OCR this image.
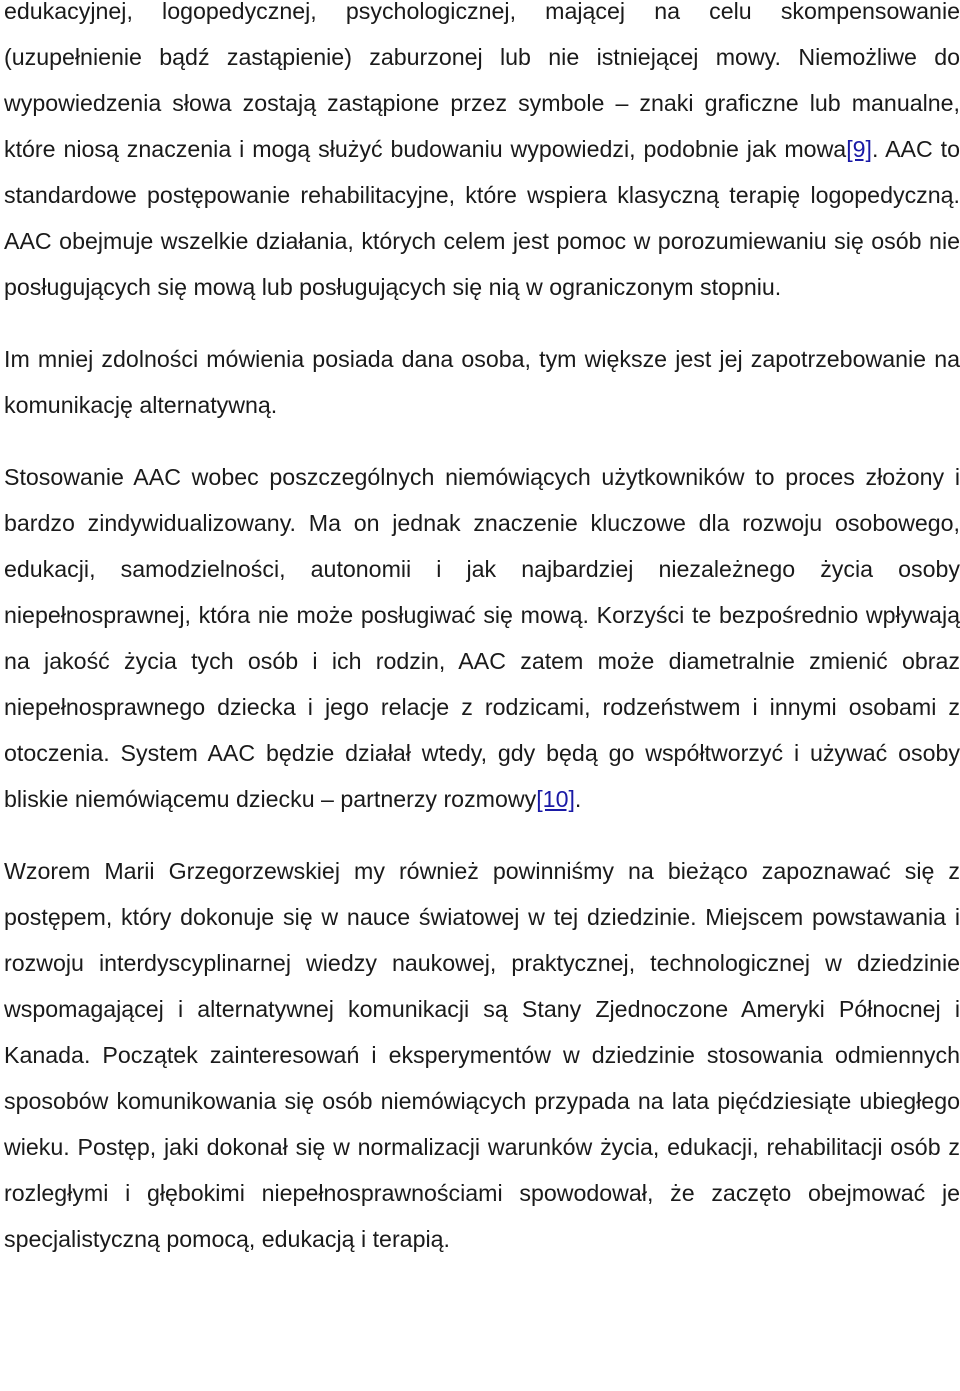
edukacyjnej, logopedycznej, psychologicznej, mającej na celu skompensowanie (uzupełnienie bądź zastąpienie) zaburzonej lub nie istniejącej mowy. Niemożliwe do wypowiedzenia słowa zostają zastąpione przez symbole – znaki graficzne lub manualne, które niosą znaczenia i mogą służyć budowaniu wypowiedzi, podobnie jak mowa[9]. AAC to standardowe postępowanie rehabilitacyjne, które wspiera klasyczną terapię logopedyczną. AAC obejmuje wszelkie działania, których celem jest pomoc w porozumiewaniu się osób nie posługujących się mową lub posługujących się nią w ograniczonym stopniu.

Im mniej zdolności mówienia posiada dana osoba, tym większe jest jej zapotrzebowanie na komunikację alternatywną.

Stosowanie AAC wobec poszczególnych niemówiących użytkowników to proces złożony i bardzo zindywidualizowany. Ma on jednak znaczenie kluczowe dla rozwoju osobowego, edukacji, samodzielności, autonomii i jak najbardziej niezależnego życia osoby niepełnosprawnej, która nie może posługiwać się mową. Korzyści te bezpośrednio wpływają na jakość życia tych osób i ich rodzin, AAC zatem może diametralnie zmienić obraz niepełnosprawnego dziecka i jego relacje z rodzicami, rodzeństwem i innymi osobami z otoczenia. System AAC będzie działał wtedy, gdy będą go współtworzyć i używać osoby bliskie niemówiącemu dziecku – partnerzy rozmowy[10].

Wzorem Marii Grzegorzewskiej my również powinniśmy na bieżąco zapoznawać się z postępem, który dokonuje się w nauce światowej w tej dziedzinie. Miejscem powstawania i rozwoju interdyscyplinarnej wiedzy naukowej, praktycznej, technologicznej w dziedzinie wspomagającej i alternatywnej komunikacji są Stany Zjednoczone Ameryki Północnej i Kanada. Początek zainteresowań i eksperymentów w dziedzinie stosowania odmiennych sposobów komunikowania się osób niemówiących przypada na lata pięćdziesiąte ubiegłego wieku. Postęp, jaki dokonał się w normalizacji warunków życia, edukacji, rehabilitacji osób z rozległymi i głębokimi niepełnosprawnościami spowodował, że zaczęto obejmować je specjalistyczną pomocą, edukacją i terapią.
